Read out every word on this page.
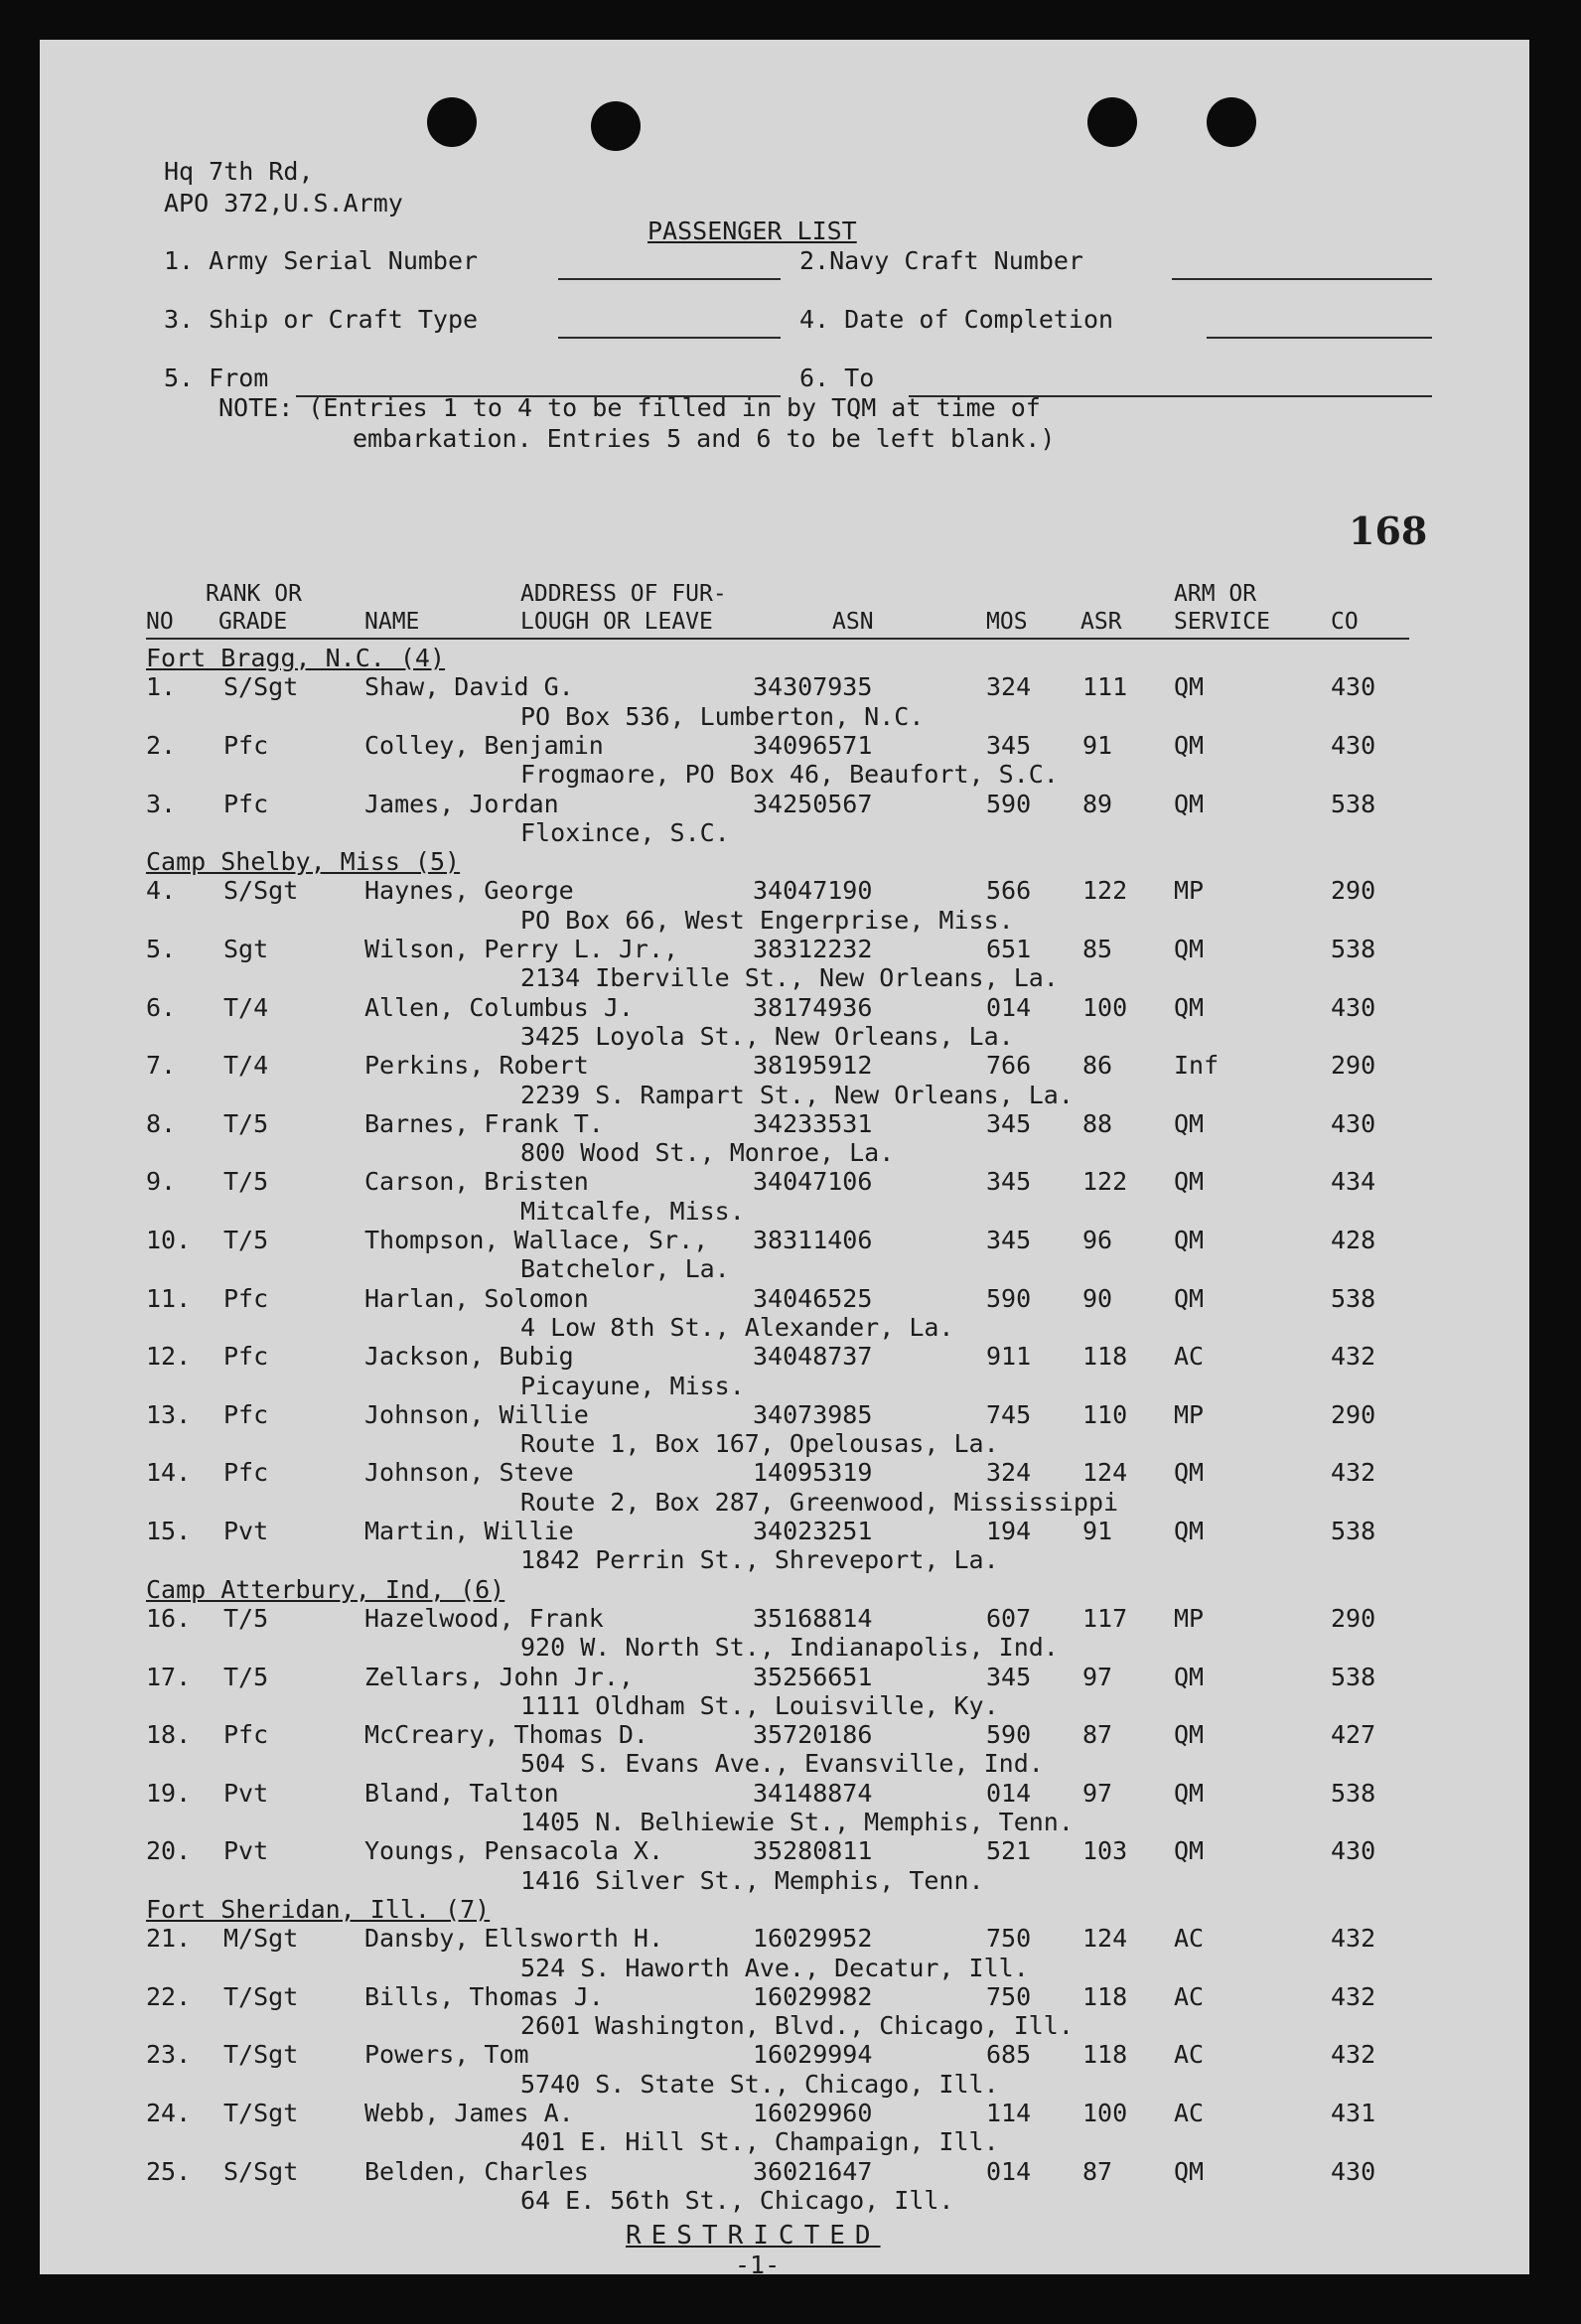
Hq 7th Rd,
APO 372,U.S.Army
PASSENGER LIST
1. Army Serial Number	2.Navy Craft Number
3. Ship or Craft Type	4. Date of Completion
5. From	6. To
NOTE: (Entries 1 to 4 to be filled in by TQM at time of
embarkation. Entries 5 and 6 to be left blank.)
168
NO
RANK OR
GRADE	NAME
ADDRESS OF FUR-
LOUGH OR LEAVE	ASN	MOS ASR
ARM OR
SERVICE	CO
Fort Bragg, N.C. (4)
1. S/Sgt	Shaw, David G.	34307935	324 111 QM	430
PO Box 536, Lumberton, N.C.
2. Pfc	Colley, Benjamin	34096571	345 91 QM	430
Frogmaore, PO Box 46, Beaufort, S.C.
3. Pfc	James, Jordan	34250567	590 89 QM	538
Floxince, S.C.
Camp Shelby, Miss (5)
4. S/Sgt	Haynes, George	34047190	566 122 MP	290
PO Box 66, West Engerprise, Miss.
5. Sgt	Wilson, Perry L. Jr.,	38312232	651 85 QM	538
2134 Iberville St., New Orleans, La.
6. T/4	Allen, Columbus J.	38174936	014 100 QM	430
3425 Loyola St., New Orleans, La.
7. T/4	Perkins, Robert	38195912	766 86 Inf	290
2239 S. Rampart St., New Orleans, La.
8. T/5	Barnes, Frank T.	34233531	345 88 QM	430
800 Wood St., Monroe, La.
9. T/5	Carson, Bristen	34047106	345 122 QM	434
Mitcalfe, Miss.
10. T/5	Thompson, Wallace, Sr., 38311406	345 96 QM	428
Batchelor, La.
11. Pfc	Harlan, Solomon	34046525	590 90 QM	538
4 Low 8th St., Alexander, La.
12. Pfc	Jackson, Bubig	34048737	911 118 AC	432
Picayune, Miss.
13. Pfc	Johnson, Willie	34073985	745 110 MP	290
Route 1, Box 167, Opelousas, La.
14. Pfc	Johnson, Steve	14095319	324 124 QM	432
Route 2, Box 287, Greenwood, Mississippi
15. Pvt	Martin, Willie	34023251	194 91 QM	538
1842 Perrin St., Shreveport, La.
Camp Atterbury, Ind, (6)
16. T/5	Hazelwood, Frank	35168814	607 117 MP	290
920 W. North St., Indianapolis, Ind.
17. T/5	Zellars, John Jr.,	35256651	345 97 QM	538
1111 Oldham St., Louisville, Ky.
18. Pfc	McCreary, Thomas D.	35720186	590 87 QM	427
504 S. Evans Ave., Evansville, Ind.
19. Pvt	Bland, Talton	34148874	014 97 QM	538
1405 N. Belhiewie St., Memphis, Tenn.
20. Pvt	Youngs, Pensacola X.	35280811	521 103 QM	430
1416 Silver St., Memphis, Tenn.
Fort Sheridan, Ill. (7)
21. M/Sgt	Dansby, Ellsworth H.	16029952	750 124 AC	432
524 S. Haworth Ave., Decatur, Ill.
22. T/Sgt	Bills, Thomas J.	16029982	750 118 AC	432
2601 Washington, Blvd., Chicago, Ill.
23. T/Sgt	Powers, Tom	16029994	685 118 AC	432
5740 S. State St., Chicago, Ill.
24. T/Sgt	Webb, James A.	16029960	114 100 AC	431
401 E. Hill St., Champaign, Ill.
25. S/Sgt	Belden, Charles	36021647	014 87 QM	430
64 E. 56th St., Chicago, Ill.
RESTRICTED
-1-
